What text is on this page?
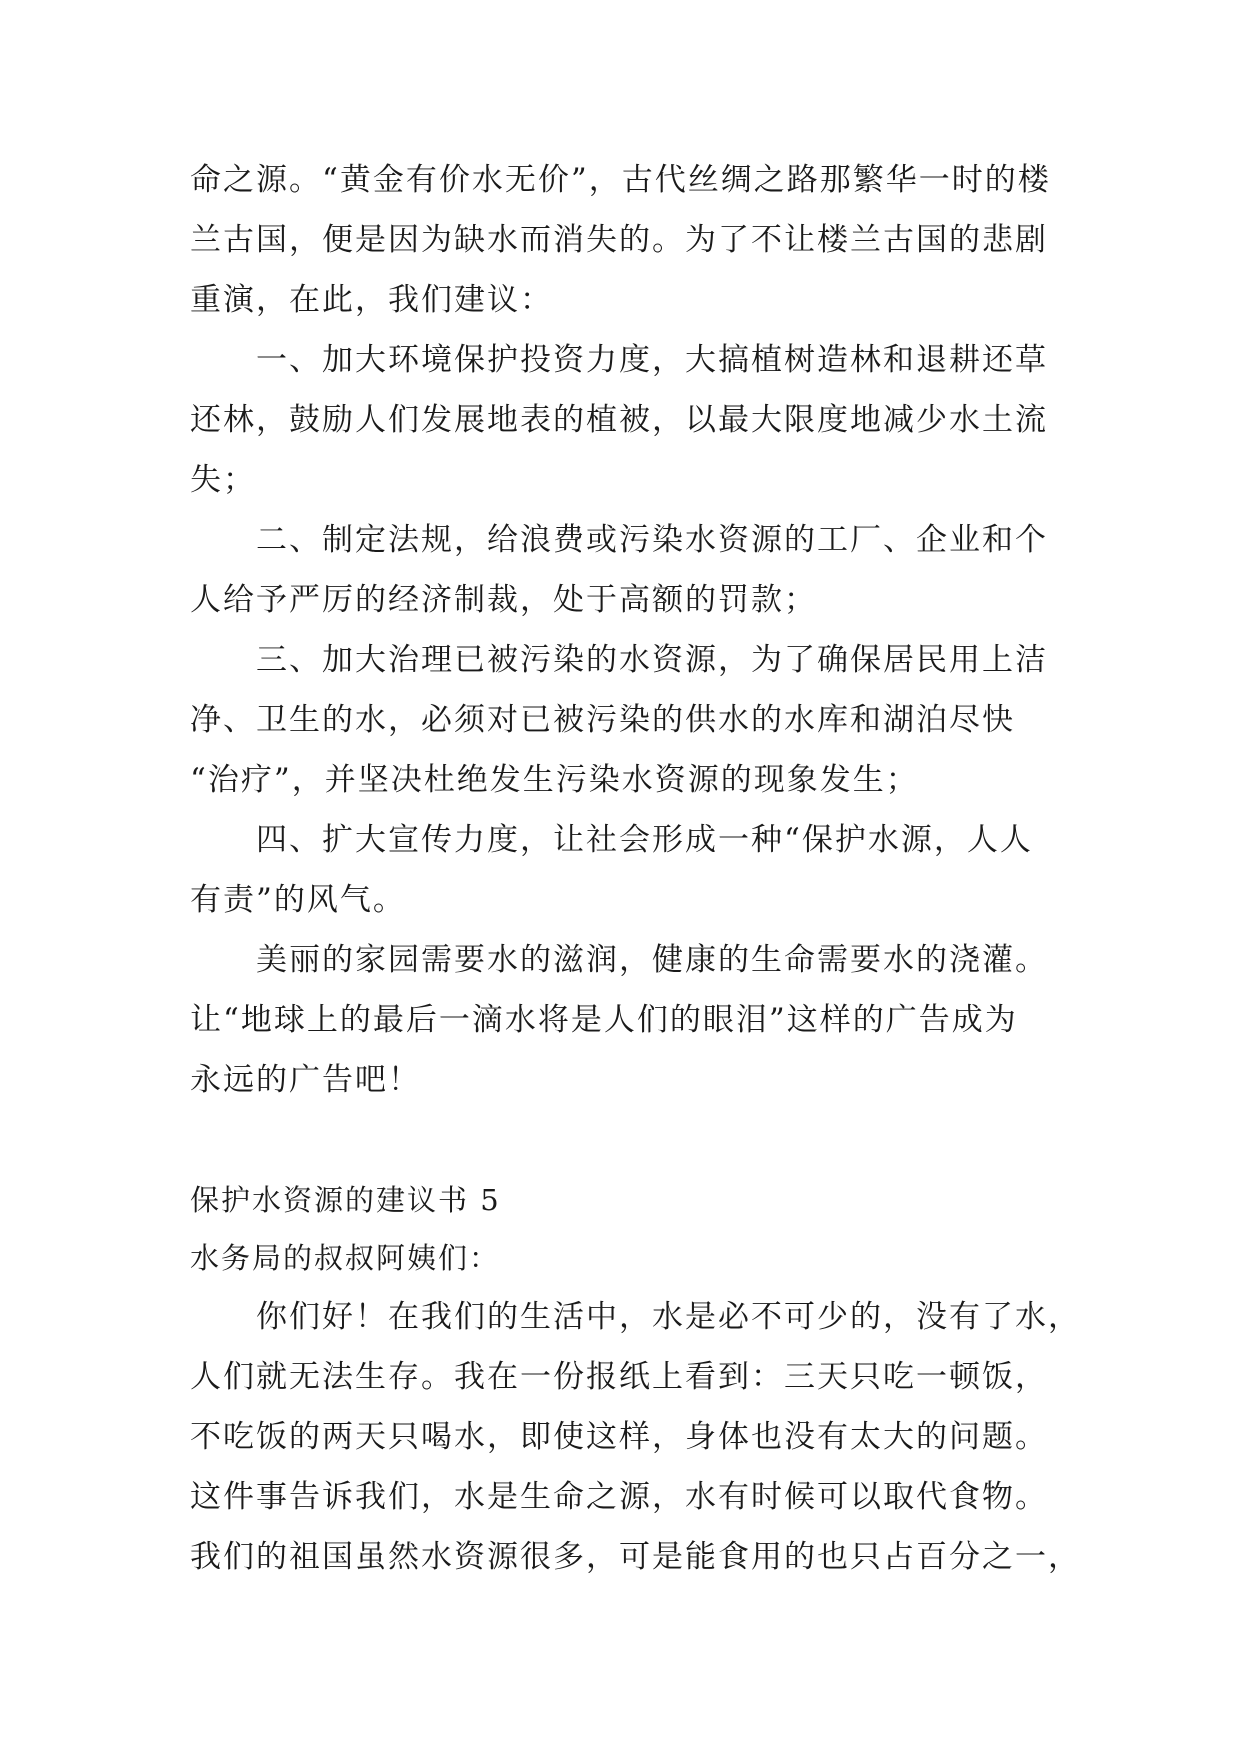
命之源。“黄金有价水无价”，古代丝绸之路那繁华一时的楼
兰古国，便是因为缺水而消失的。为了不让楼兰古国的悲剧
重演，在此，我们建议：
一、加大环境保护投资力度，大搞植树造林和退耕还草
还林，鼓励人们发展地表的植被，以最大限度地减少水土流
失；
二、制定法规，给浪费或污染水资源的工厂、企业和个
人给予严厉的经济制裁，处于高额的罚款；
三、加大治理已被污染的水资源，为了确保居民用上洁
净、卫生的水，必须对已被污染的供水的水库和湖泊尽快
“治疗”，并坚决杜绝发生污染水资源的现象发生；
四、扩大宣传力度，让社会形成一种“保护水源，人人
有责”的风气。
美丽的家园需要水的滋润，健康的生命需要水的浇灌。
让“地球上的最后一滴水将是人们的眼泪”这样的广告成为
永远的广告吧！
保护水资源的建议书 5
水务局的叔叔阿姨们：
你们好！在我们的生活中，水是必不可少的，没有了水，
人们就无法生存。我在一份报纸上看到：三天只吃一顿饭，
不吃饭的两天只喝水，即使这样，身体也没有太大的问题。
这件事告诉我们，水是生命之源，水有时候可以取代食物。
我们的祖国虽然水资源很多，可是能食用的也只占百分之一，
